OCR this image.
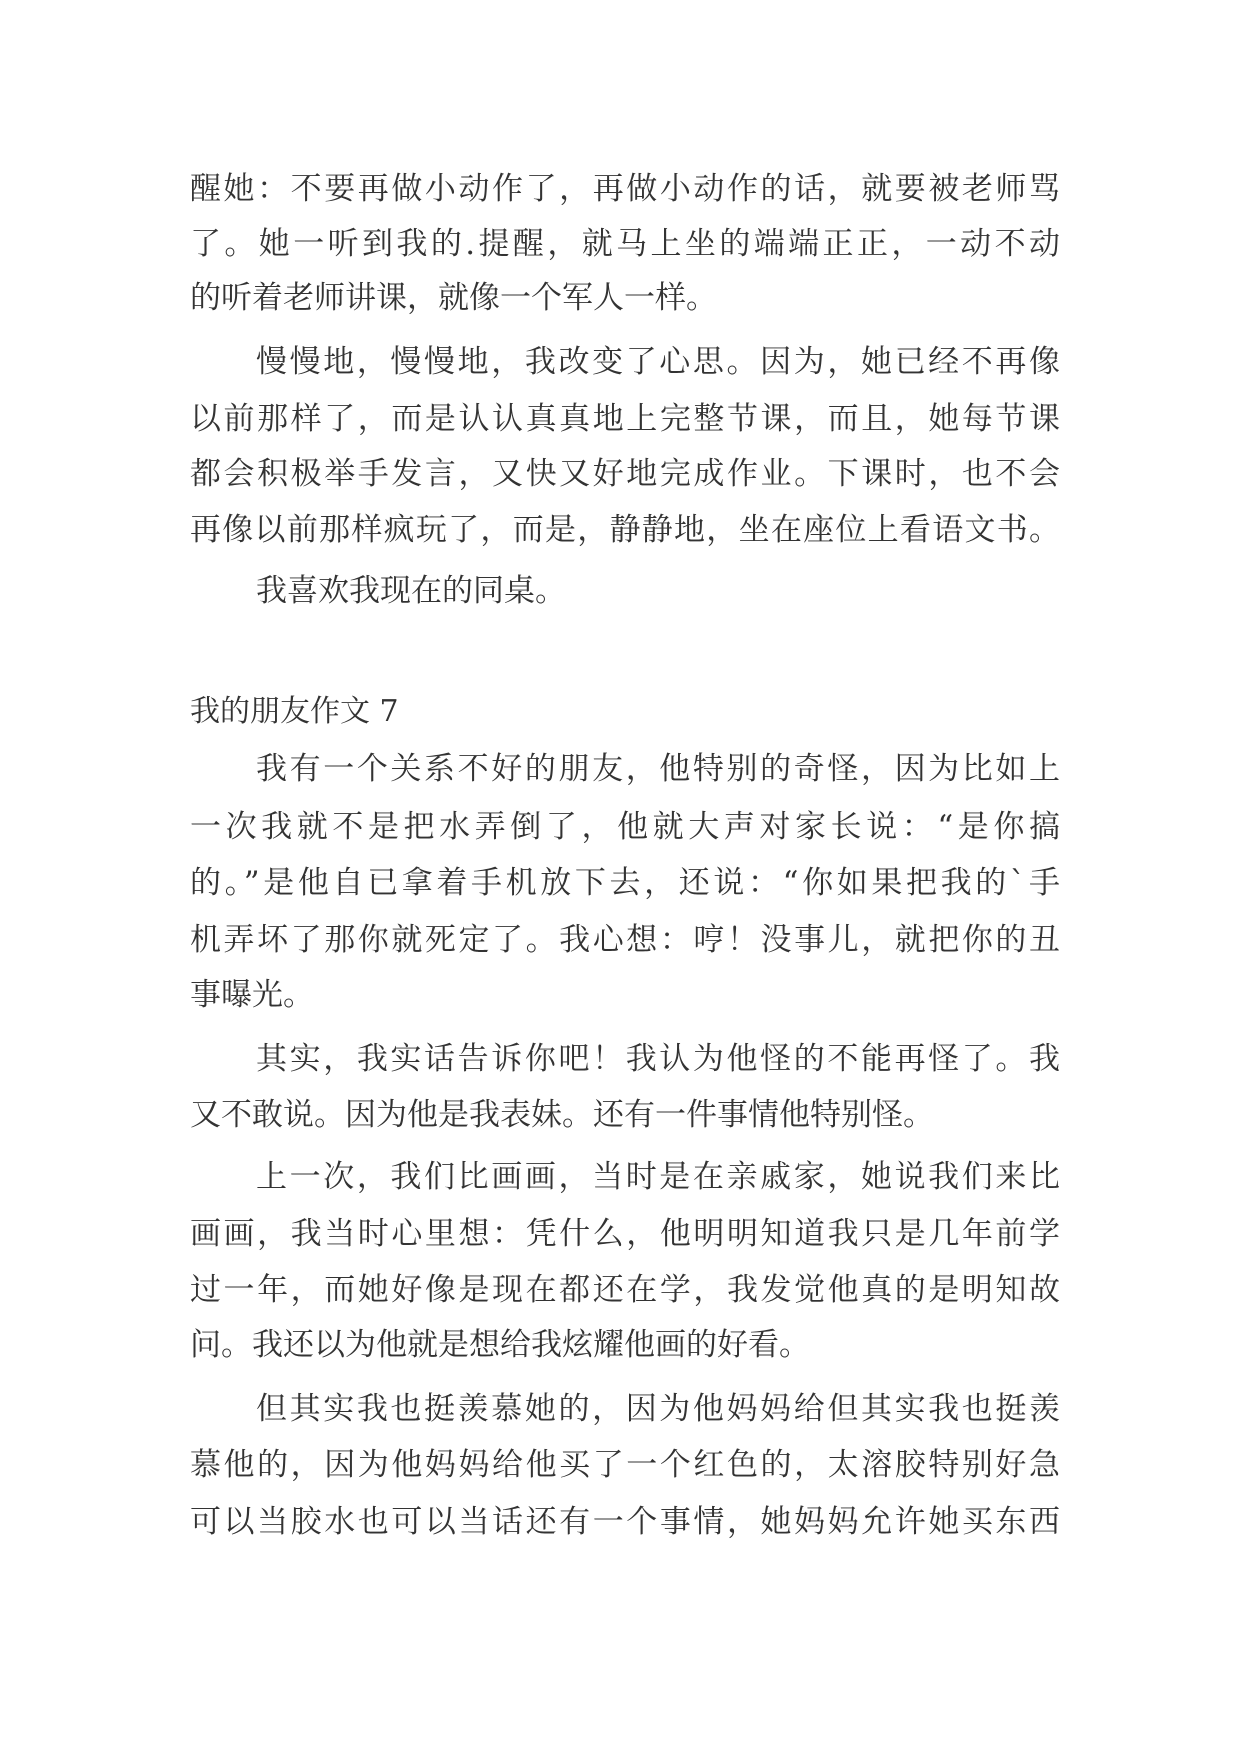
醒她：不要再做小动作了，再做小动作的话，就要被老师骂
了。她一听到我的.提醒，就马上坐的端端正正，一动不动
的听着老师讲课，就像一个军人一样。
慢慢地，慢慢地，我改变了心思。因为，她已经不再像
以前那样了，而是认认真真地上完整节课，而且，她每节课
都会积极举手发言，又快又好地完成作业。下课时，也不会
再像以前那样疯玩了，而是，静静地，坐在座位上看语文书。
我喜欢我现在的同桌。
我的朋友作文 7
我有一个关系不好的朋友，他特别的奇怪，因为比如上
一次我就不是把水弄倒了，他就大声对家长说：“是你搞
的。”是他自已拿着手机放下去，还说：“你如果把我的`手
机弄坏了那你就死定了。我心想：哼！没事儿，就把你的丑
事曝光。
其实，我实话告诉你吧！我认为他怪的不能再怪了。我
又不敢说。因为他是我表妹。还有一件事情他特别怪。
上一次，我们比画画，当时是在亲戚家，她说我们来比
画画，我当时心里想：凭什么，他明明知道我只是几年前学
过一年，而她好像是现在都还在学，我发觉他真的是明知故
问。我还以为他就是想给我炫耀他画的好看。
但其实我也挺羡慕她的，因为他妈妈给但其实我也挺羡
慕他的，因为他妈妈给他买了一个红色的，太溶胶特别好急
可以当胶水也可以当话还有一个事情，她妈妈允许她买东西
